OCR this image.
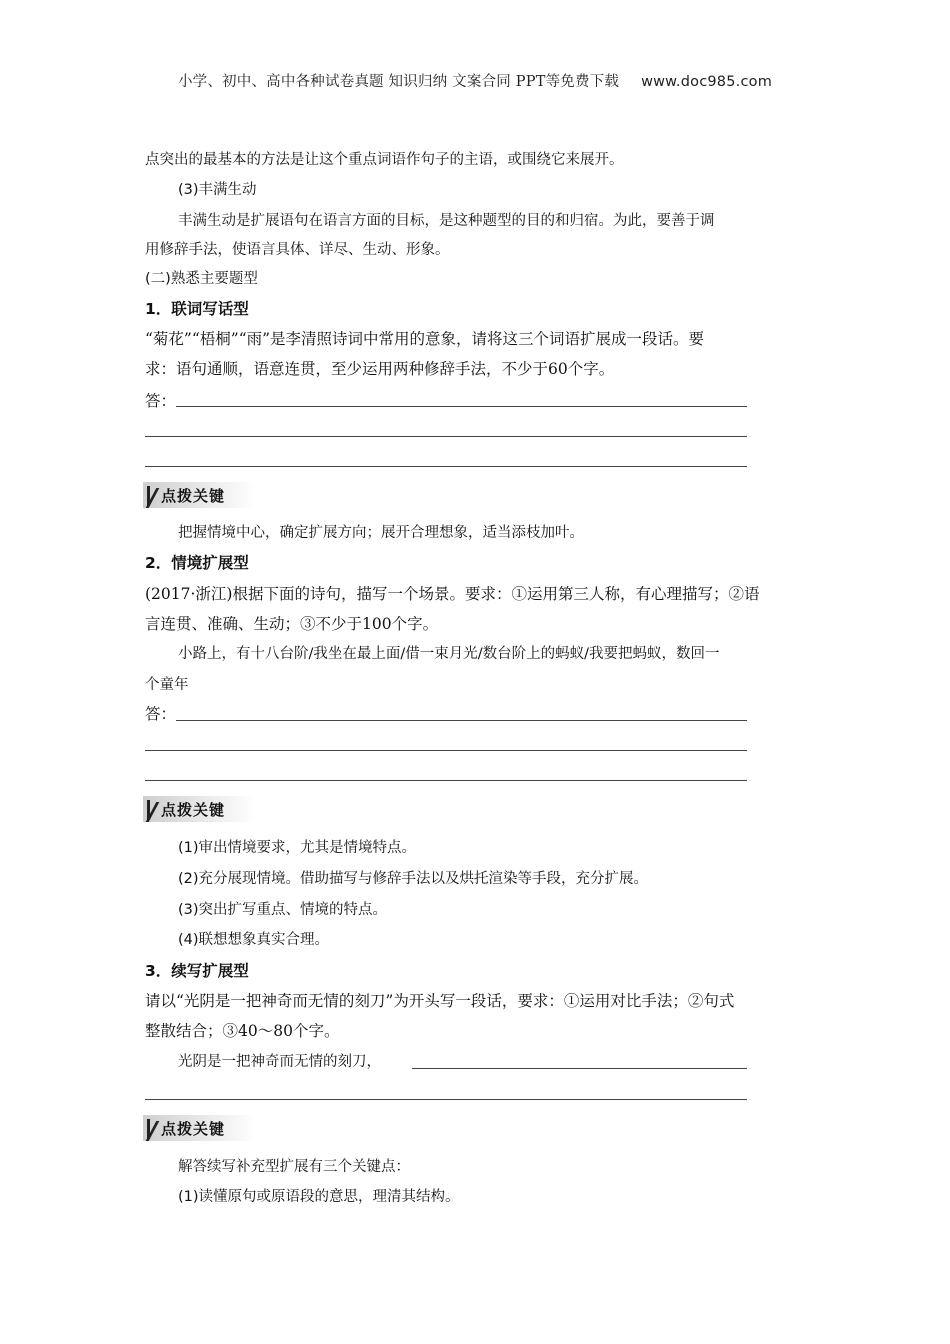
小学、初中、高中各种试卷真题 知识归纳 文案合同 PPT等免费下载 www.doc985.com
点突出的最基本的方法是让这个重点词语作句子的主语，或围绕它来展开。
(3)丰满生动
丰满生动是扩展语句在语言方面的目标，是这种题型的目的和归宿。为此，要善于调
用修辞手法，使语言具体、详尽、生动、形象。
(二)熟悉主要题型
1．联词写话型
“菊花”“梧桐”“雨”是李清照诗词中常用的意象，请将这三个词语扩展成一段话。要
求：语句通顺，语意连贯，至少运用两种修辞手法，不少于60个字。
答：
点拨关键
把握情境中心，确定扩展方向；展开合理想象，适当添枝加叶。
2．情境扩展型
(2017·浙江)根据下面的诗句，描写一个场景。要求：①运用第三人称，有心理描写；②语
言连贯、准确、生动；③不少于100个字。
小路上，有十八台阶/我坐在最上面/借一束月光/数台阶上的蚂蚁/我要把蚂蚁，数回一
个童年
答：
点拨关键
(1)审出情境要求，尤其是情境特点。
(2)充分展现情境。借助描写与修辞手法以及烘托渲染等手段，充分扩展。
(3)突出扩写重点、情境的特点。
(4)联想想象真实合理。
3．续写扩展型
请以“光阴是一把神奇而无情的刻刀”为开头写一段话，要求：①运用对比手法；②句式
整散结合；③40～80个字。
光阴是一把神奇而无情的刻刀，
点拨关键
解答续写补充型扩展有三个关键点：
(1)读懂原句或原语段的意思，理清其结构。
